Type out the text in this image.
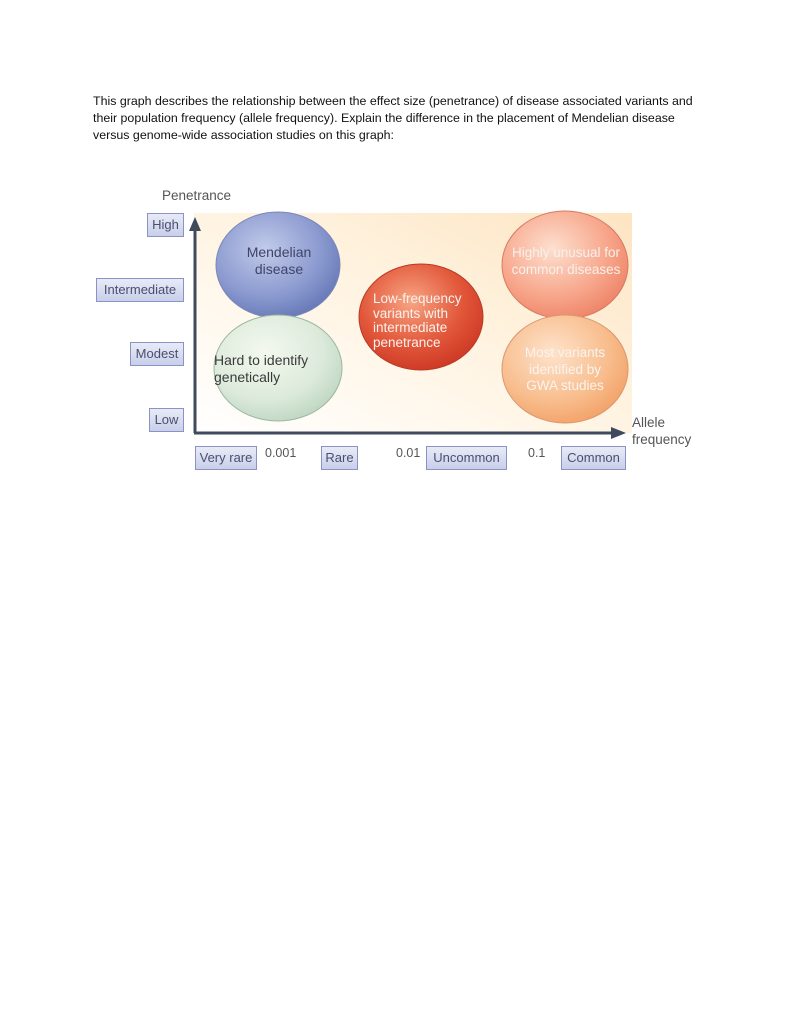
This graph describes the relationship between the effect size (penetrance) of disease associated variants and their population frequency (allele frequency). Explain the difference in the placement of Mendelian disease versus genome-wide association studies on this graph:
Penetrance
Allele
frequency
High
Intermediate
Modest
Low
Very rare	Rare	Uncommon	Common
0.001	0.01	0.1
Mendelian
disease
Hard to identify
genetically
Low-frequency
variants with
intermediate
penetrance
Highly unusual for
common diseases
Most variants
identified by
GWA studies
